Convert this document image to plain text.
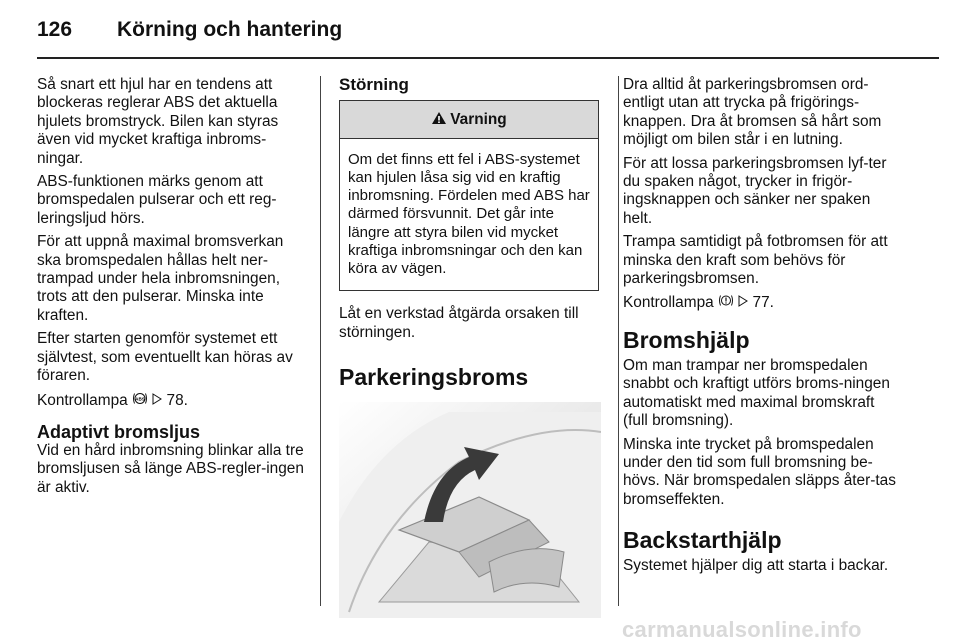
126	Körning och hantering

Så snart ett hjul har en tendens att blockeras reglerar ABS det aktuella hjulets bromstryck. Bilen kan styras även vid mycket kraftiga inbroms-ningar.

ABS-funktionen märks genom att bromspedalen pulserar och ett reg-leringsljud hörs.

För att uppnå maximal bromsverkan ska bromspedalen hållas helt ner-trampad under hela inbromsningen, trots att den pulserar. Minska inte kraften.

Efter starten genomför systemet ett självtest, som eventuellt kan höras av föraren.

Kontrollampa ABS 78.

Adaptivt bromsljus

Vid en hård inbromsning blinkar alla tre bromsljusen så länge ABS-regler-ingen är aktiv.

Störning
Varning
Om det finns ett fel i ABS-systemet kan hjulen låsa sig vid en kraftig inbromsning. Fördelen med ABS har därmed försvunnit. Det går inte längre att styra bilen vid mycket kraftiga inbromsningar och den kan köra av vägen.

Låt en verkstad åtgärda orsaken till störningen.

Parkeringsbroms

Dra alltid åt parkeringsbromsen ord-entligt utan att trycka på frigörings-knappen. Dra åt bromsen så hårt som möjligt om bilen står i en lutning.

För att lossa parkeringsbromsen lyf-ter du spaken något, trycker in frigör-ingsknappen och sänker ner spaken helt.

Trampa samtidigt på fotbromsen för att minska den kraft som behövs för parkeringsbromsen.

Kontrollampa	77.

Bromshjälp

Om man trampar ner bromspedalen snabbt och kraftigt utförs broms-ningen automatiskt med maximal bromskraft (full bromsning).

Minska inte trycket på bromspedalen under den tid som full bromsning be-hövs. När bromspedalen släpps åter-tas bromseffekten.

Backstarthjälp

Systemet hjälper dig att starta i backar.

carmanualsonline.info
